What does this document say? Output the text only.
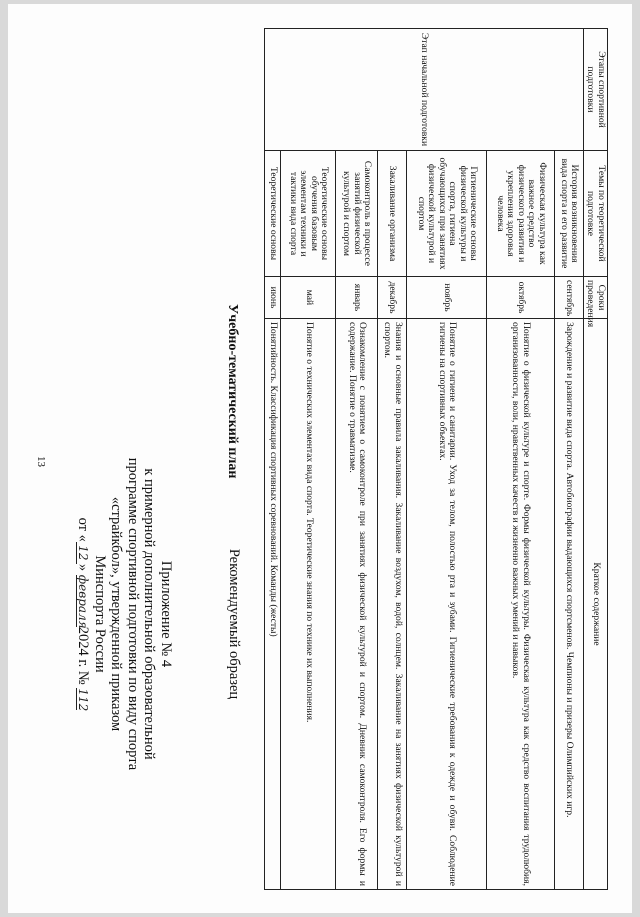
13
Приложение № 4
к примерной дополнительной образовательной
программе спортивной подготовки по виду спорта
«страйкбол», утвержденной приказом
Минспорта России
от «12» февраля2024 г. № 112
Рекомендуемый образец
Учебно-тематический план
Этапы спортивной подготовки	Темы по теоретической подготовке	Сроки проведения	Краткое содержание
Этап начальной подготовки	История возникновения вида спорта и его развитие	сентябрь	Зарождение и развитие вида спорта. Автобиографии выдающихся спортсменов. Чемпионы и призеры Олимпийских игр.
	Физическая культура как важное средство физического развития и укрепления здоровья человека	октябрь	Понятие о физической культуре и спорте. Формы физической культуры. Физическая культура как средство воспитания трудолюбия, организованности, воли, нравственных качеств и жизненно важных умений и навыков.
	Гигиенические основы физической культуры и спорта, гигиена обучающихся при занятиях физической культурой и спортом	ноябрь	Понятие о гигиене и санитарии. Уход за телом, полостью рта и зубами. Гигиенические требования к одежде и обуви. Соблюдение гигиены на спортивных объектах.
	Закаливание организма	декабрь	Знания и основные правила закаливания. Закаливание воздухом, водой, солнцем. Закаливание на занятиях физической культурой и спортом.
	Самоконтроль в процессе занятий физической культурой и спортом	январь	Ознакомление с понятием о самоконтроле при занятиях физической культурой и спортом. Дневник самоконтроля. Его формы и содержание. Понятие о травматизме.
	Теоретические основы обучения базовым элементам техники и тактики вида спорта	май	Понятие о технических элементах вида спорта. Теоретические знания по технике их выполнения.
	Теоретические основы	июнь	Понятийность. Классификация спортивных соревнований. Команды (жесты)
